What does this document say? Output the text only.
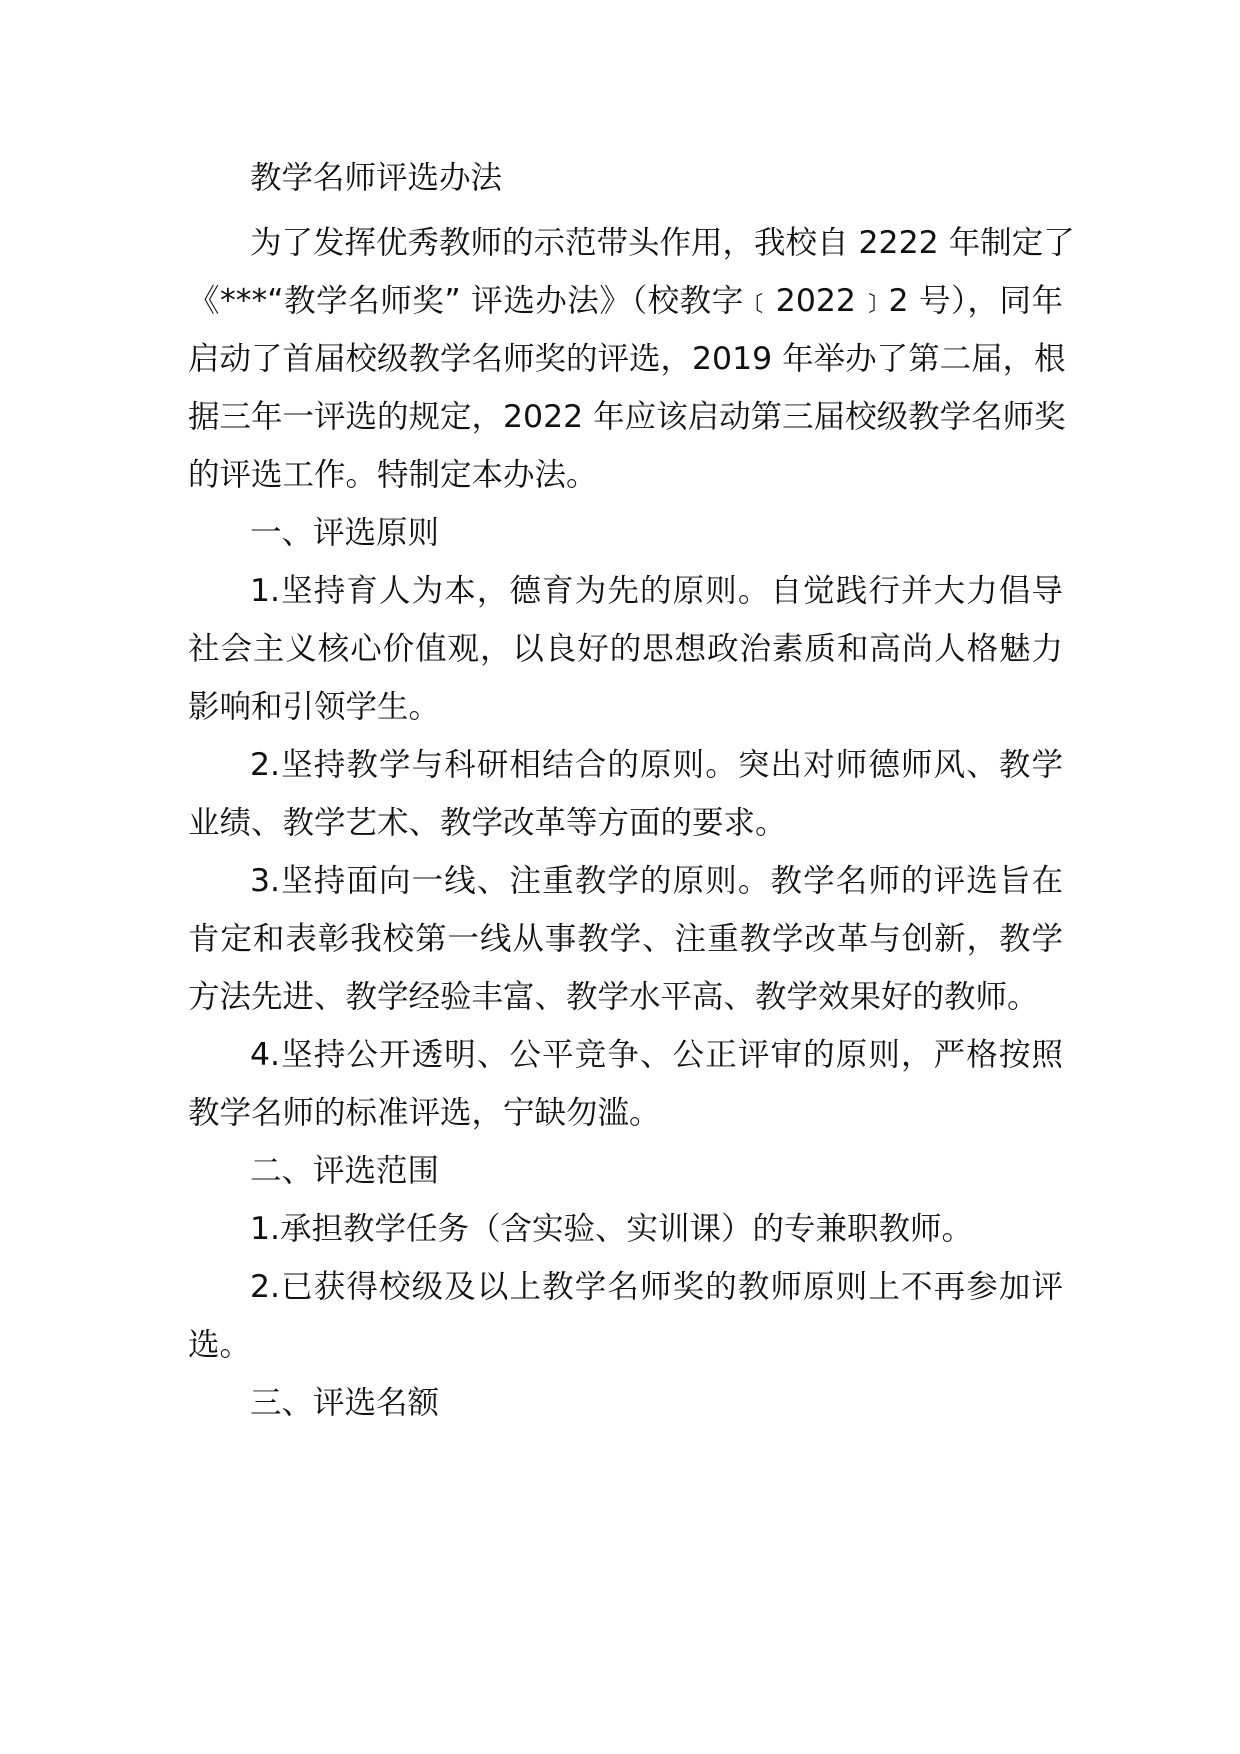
教学名师评选办法
为了发挥优秀教师的示范带头作用，我校自 2222 年制定了
《***“教学名师奖” 评选办法》（校教字﹝2022﹞2 号），同年
启动了首届校级教学名师奖的评选，2019 年举办了第二届，根
据三年一评选的规定，2022 年应该启动第三届校级教学名师奖
的评选工作。特制定本办法。
一、评选原则
1.坚持育人为本，德育为先的原则。自觉践行并大力倡导
社会主义核心价值观，以良好的思想政治素质和高尚人格魅力
影响和引领学生。
2.坚持教学与科研相结合的原则。突出对师德师风、教学
业绩、教学艺术、教学改革等方面的要求。
3.坚持面向一线、注重教学的原则。教学名师的评选旨在
肯定和表彰我校第一线从事教学、注重教学改革与创新，教学
方法先进、教学经验丰富、教学水平高、教学效果好的教师。
4.坚持公开透明、公平竞争、公正评审的原则，严格按照
教学名师的标准评选，宁缺勿滥。
二、评选范围
1.承担教学任务（含实验、实训课）的专兼职教师。
2.已获得校级及以上教学名师奖的教师原则上不再参加评
选。
三、评选名额
